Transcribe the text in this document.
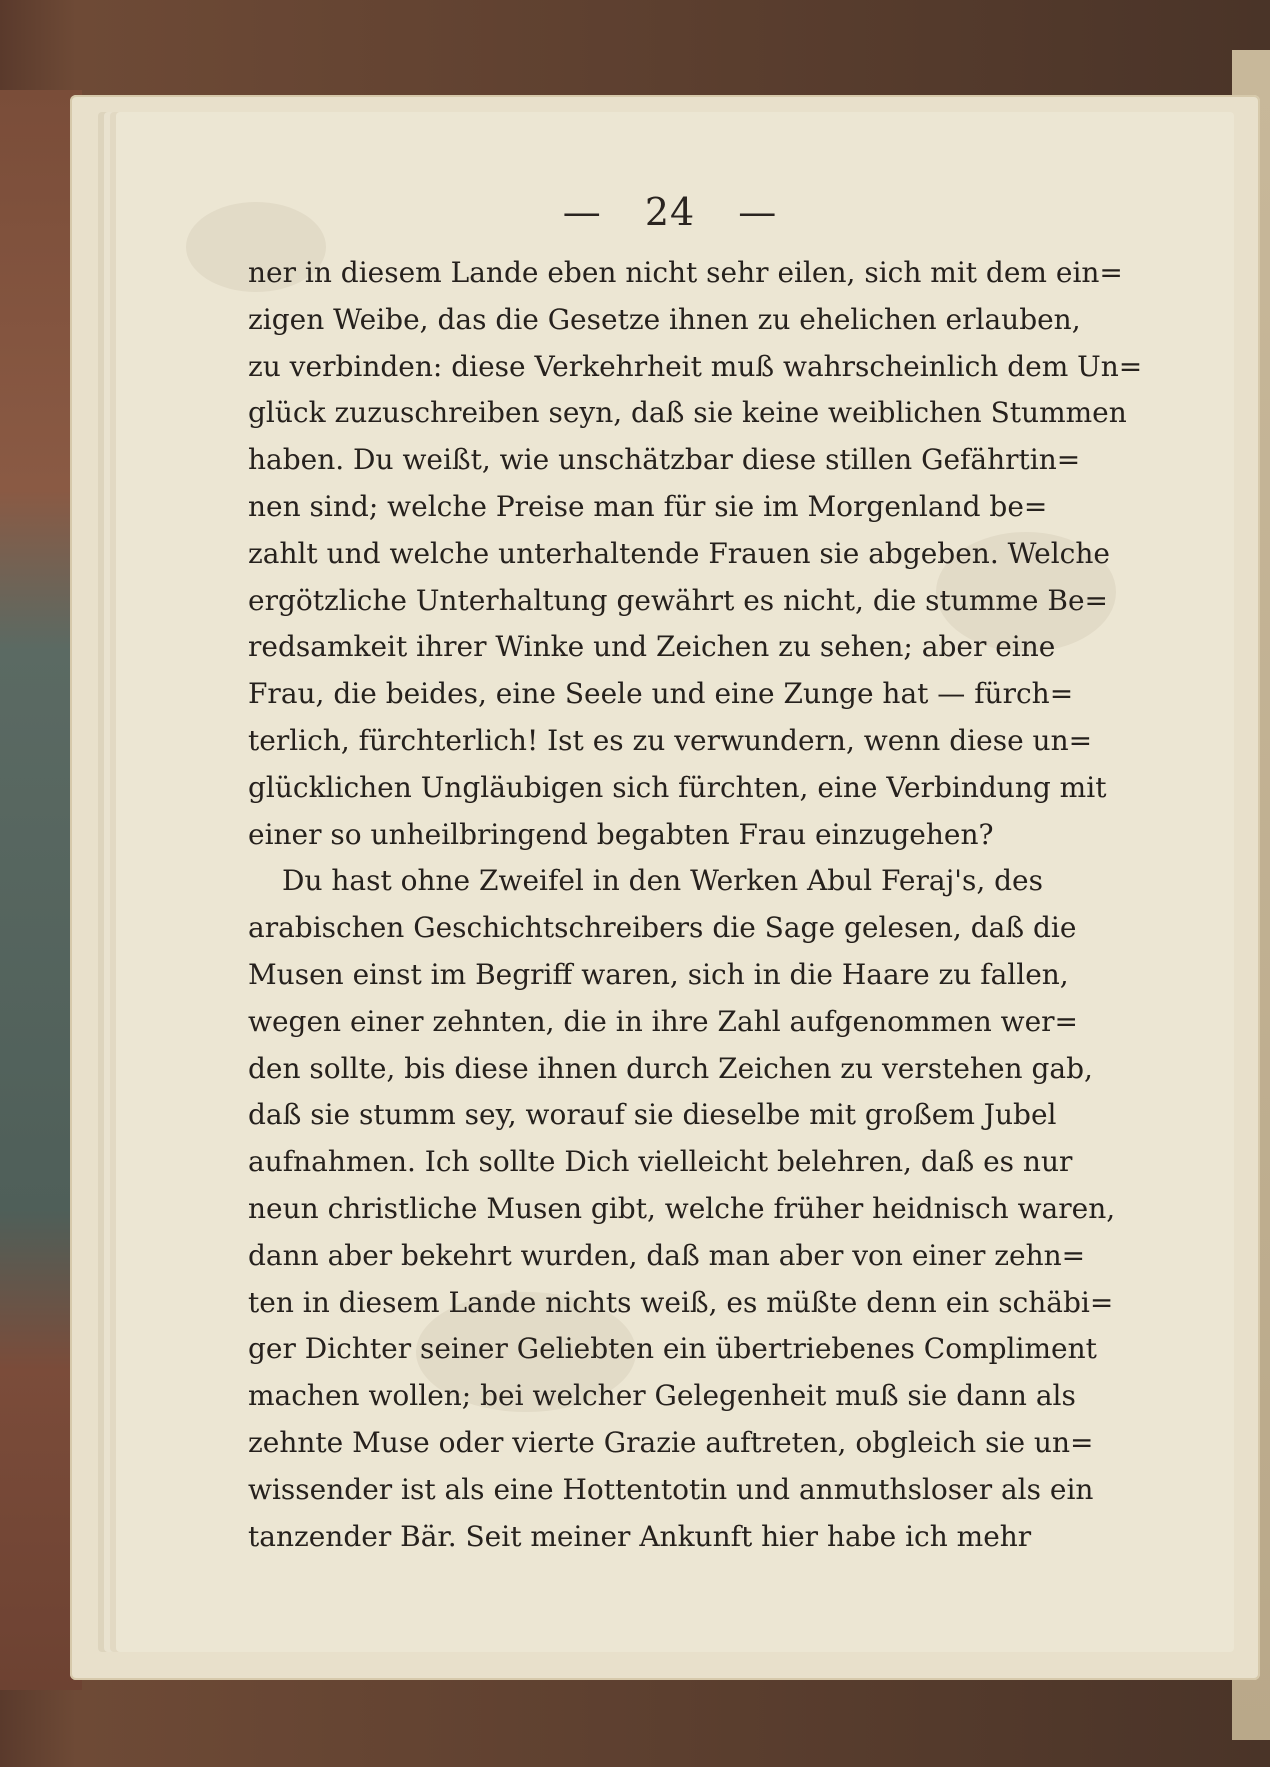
— 24 —
ner in diesem Lande eben nicht sehr eilen, sich mit dem ein=
zigen Weibe, das die Gesetze ihnen zu ehelichen erlauben,
zu verbinden: diese Verkehrheit muß wahrscheinlich dem Un=
glück zuzuschreiben seyn, daß sie keine weiblichen Stummen
haben. Du weißt, wie unschätzbar diese stillen Gefährtin=
nen sind; welche Preise man für sie im Morgenland be=
zahlt und welche unterhaltende Frauen sie abgeben. Welche
ergötzliche Unterhaltung gewährt es nicht, die stumme Be=
redsamkeit ihrer Winke und Zeichen zu sehen; aber eine
Frau, die beides, eine Seele und eine Zunge hat — fürch=
terlich, fürchterlich! Ist es zu verwundern, wenn diese un=
glücklichen Ungläubigen sich fürchten, eine Verbindung mit
einer so unheilbringend begabten Frau einzugehen?
Du hast ohne Zweifel in den Werken Abul Feraj's, des
arabischen Geschichtschreibers die Sage gelesen, daß die
Musen einst im Begriff waren, sich in die Haare zu fallen,
wegen einer zehnten, die in ihre Zahl aufgenommen wer=
den sollte, bis diese ihnen durch Zeichen zu verstehen gab,
daß sie stumm sey, worauf sie dieselbe mit großem Jubel
aufnahmen. Ich sollte Dich vielleicht belehren, daß es nur
neun christliche Musen gibt, welche früher heidnisch waren,
dann aber bekehrt wurden, daß man aber von einer zehn=
ten in diesem Lande nichts weiß, es müßte denn ein schäbi=
ger Dichter seiner Geliebten ein übertriebenes Compliment
machen wollen; bei welcher Gelegenheit muß sie dann als
zehnte Muse oder vierte Grazie auftreten, obgleich sie un=
wissender ist als eine Hottentotin und anmuthsloser als ein
tanzender Bär. Seit meiner Ankunft hier habe ich mehr
